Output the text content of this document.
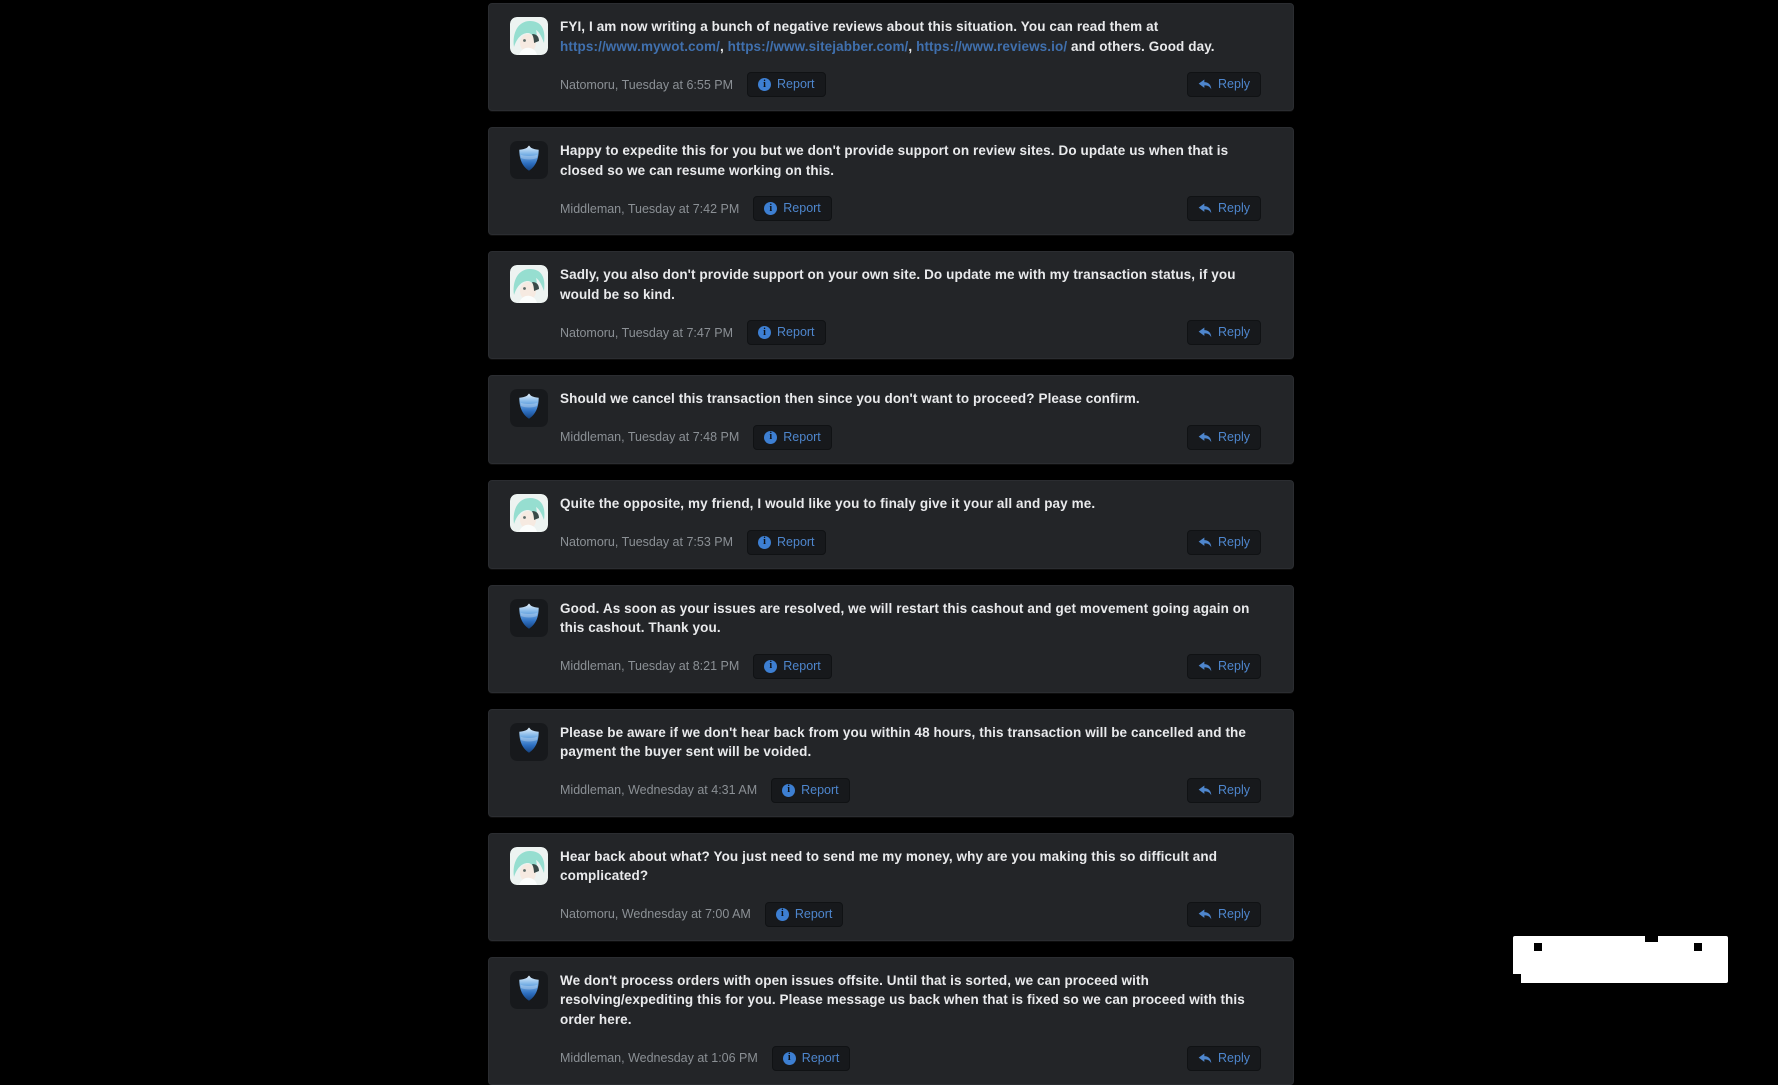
FYI, I am now writing a bunch of negative reviews about this situation. You can read them at https://www.mywot.com/, https://www.sitejabber.com/, https://www.reviews.io/ and others. Good day.
Natomoru, Tuesday at 6:55 PM	i Report	Reply
Happy to expedite this for you but we don't provide support on review sites. Do update us when that is closed so we can resume working on this.
Middleman, Tuesday at 7:42 PM	i Report	Reply
Sadly, you also don't provide support on your own site. Do update me with my transaction status, if you would be so kind.
Natomoru, Tuesday at 7:47 PM	i Report	Reply
Should we cancel this transaction then since you don't want to proceed? Please confirm.
Middleman, Tuesday at 7:48 PM	i Report	Reply
Quite the opposite, my friend, I would like you to finaly give it your all and pay me.
Natomoru, Tuesday at 7:53 PM	i Report	Reply
Good. As soon as your issues are resolved, we will restart this cashout and get movement going again on this cashout. Thank you.
Middleman, Tuesday at 8:21 PM	i Report	Reply
Please be aware if we don't hear back from you within 48 hours, this transaction will be cancelled and the payment the buyer sent will be voided.
Middleman, Wednesday at 4:31 AM	i Report	Reply
Hear back about what? You just need to send me my money, why are you making this so difficult and complicated?
Natomoru, Wednesday at 7:00 AM	i Report	Reply
We don't process orders with open issues offsite. Until that is sorted, we can proceed with resolving/expediting this for you. Please message us back when that is fixed so we can proceed with this order here.
Middleman, Wednesday at 1:06 PM	i Report	Reply
